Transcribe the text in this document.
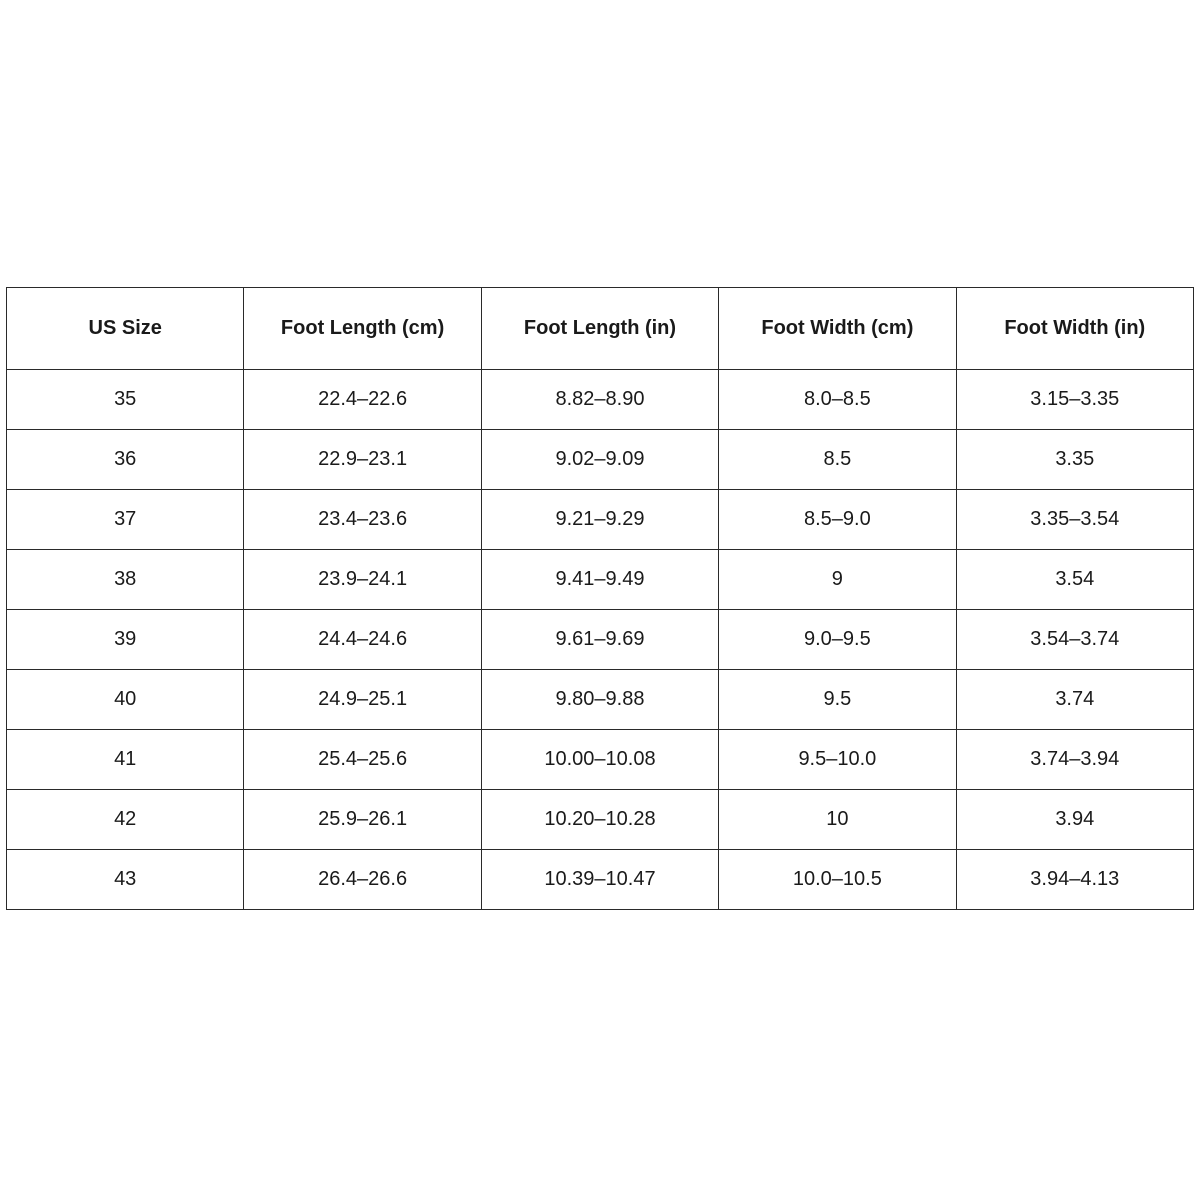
US Size	Foot Length (cm)	Foot Length (in)	Foot Width (cm)	Foot Width (in)
35	22.4–22.6	8.82–8.90	8.0–8.5	3.15–3.35
36	22.9–23.1	9.02–9.09	8.5	3.35
37	23.4–23.6	9.21–9.29	8.5–9.0	3.35–3.54
38	23.9–24.1	9.41–9.49	9	3.54
39	24.4–24.6	9.61–9.69	9.0–9.5	3.54–3.74
40	24.9–25.1	9.80–9.88	9.5	3.74
41	25.4–25.6	10.00–10.08	9.5–10.0	3.74–3.94
42	25.9–26.1	10.20–10.28	10	3.94
43	26.4–26.6	10.39–10.47	10.0–10.5	3.94–4.13
